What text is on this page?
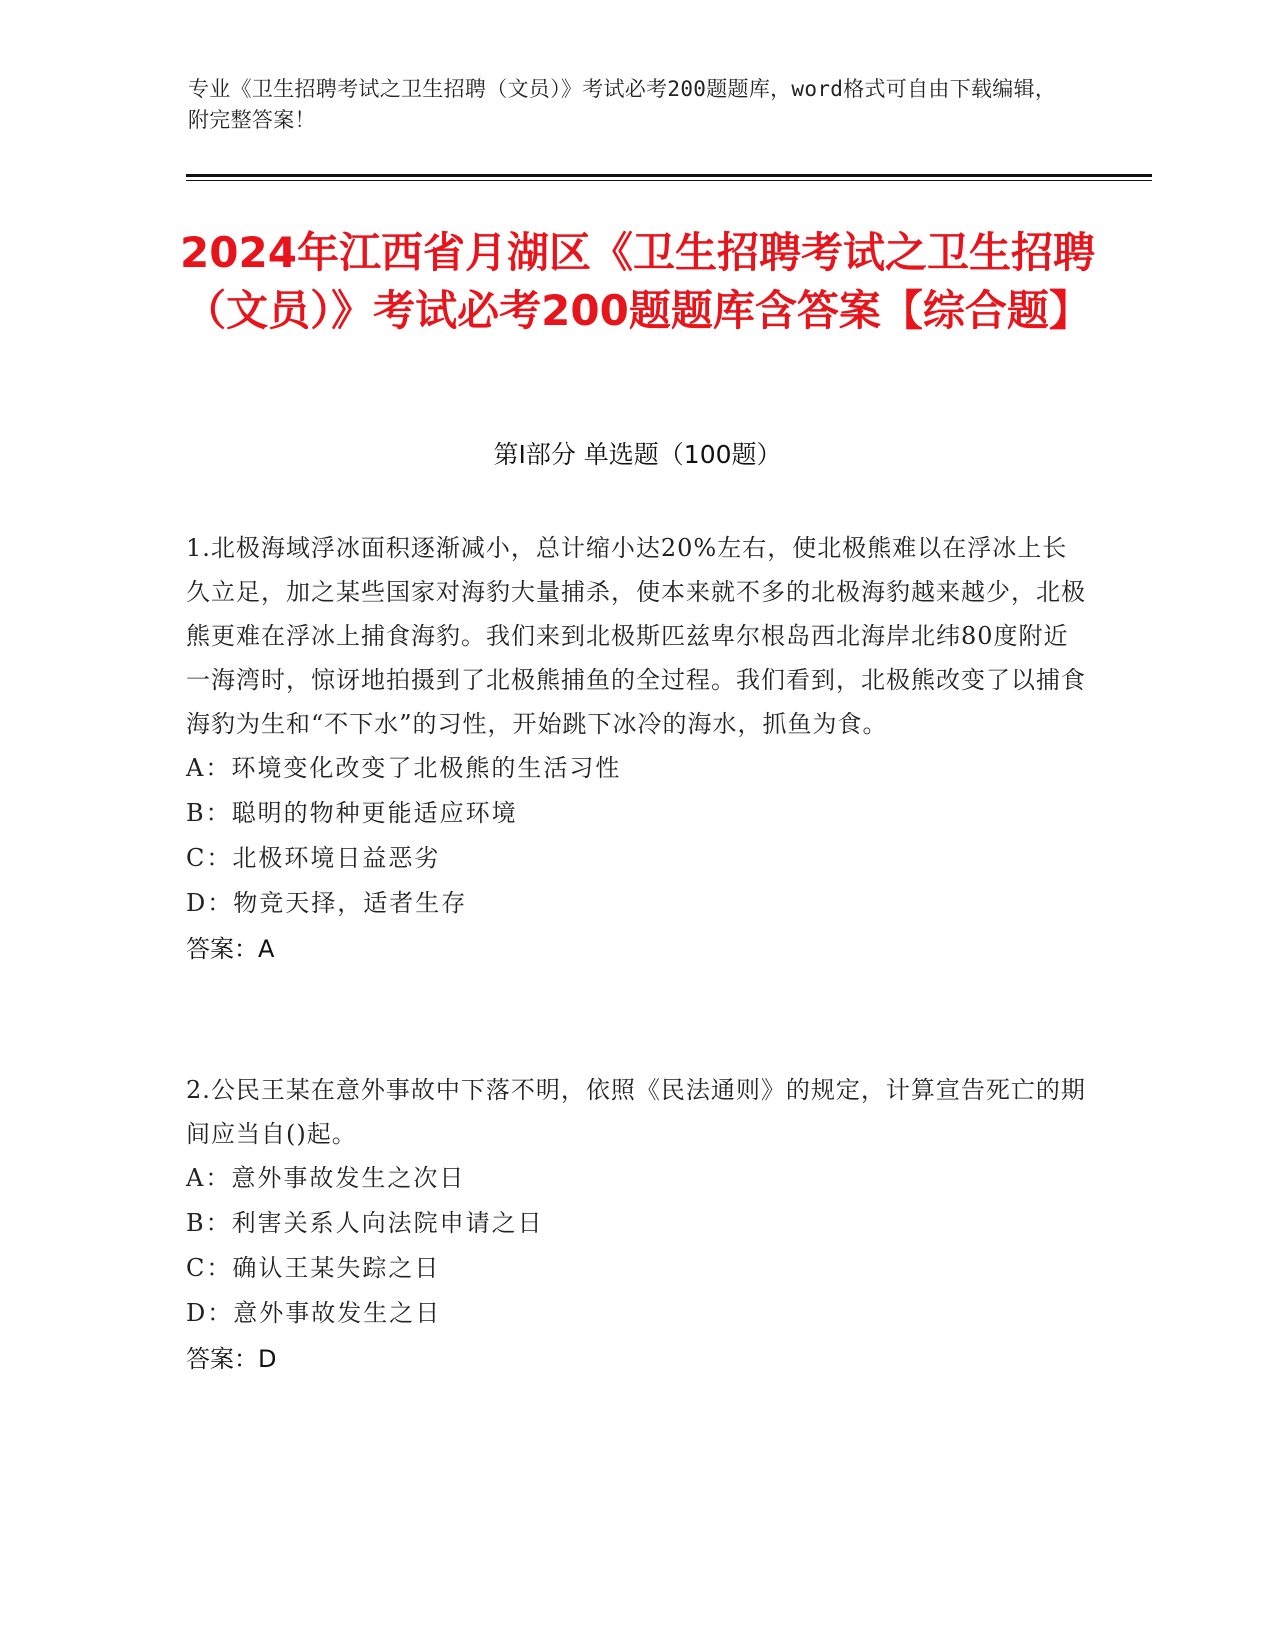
专业《卫生招聘考试之卫生招聘（文员）》考试必考200题题库，word格式可自由下载编辑，附完整答案！
2024年江西省月湖区《卫生招聘考试之卫生招聘（文员）》考试必考200题题库含答案【综合题】
第I部分 单选题（100题）

1.北极海域浮冰面积逐渐减小，总计缩小达20%左右，使北极熊难以在浮冰上长久立足，加之某些国家对海豹大量捕杀，使本来就不多的北极海豹越来越少，北极熊更难在浮冰上捕食海豹。我们来到北极斯匹兹卑尔根岛西北海岸北纬80度附近一海湾时，惊讶地拍摄到了北极熊捕鱼的全过程。我们看到，北极熊改变了以捕食海豹为生和“不下水”的习性，开始跳下冰冷的海水，抓鱼为食。

A：环境变化改变了北极熊的生活习性

B：聪明的物种更能适应环境

C：北极环境日益恶劣

D：物竞天择，适者生存

答案：A

2.公民王某在意外事故中下落不明，依照《民法通则》的规定，计算宣告死亡的期间应当自()起。

A：意外事故发生之次日

B：利害关系人向法院申请之日

C：确认王某失踪之日

D：意外事故发生之日

答案：D
